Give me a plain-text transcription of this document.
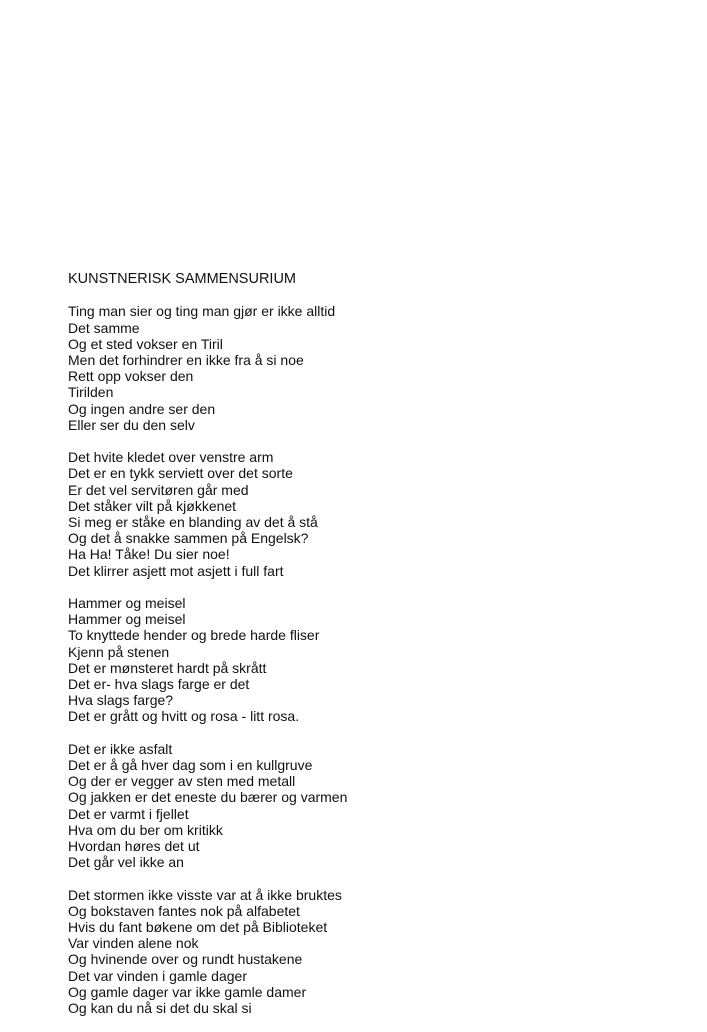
KUNSTNERISK SAMMENSURIUM
Ting man sier og ting man gjør er ikke alltid
Det samme
Og et sted vokser en Tiril
Men det forhindrer en ikke fra å si noe
Rett opp vokser den
Tirilden
Og ingen andre ser den
Eller ser du den selv
Det hvite kledet over venstre arm
Det er en tykk serviett over det sorte
Er det vel servitøren går med
Det ståker vilt på kjøkkenet
Si meg er ståke en blanding av det å stå
Og det å snakke sammen på Engelsk?
Ha Ha! Tåke! Du sier noe!
Det klirrer asjett mot asjett i full fart
Hammer og meisel
Hammer og meisel
To knyttede hender og brede harde fliser
Kjenn på stenen
Det er mønsteret hardt på skrått
Det er- hva slags farge er det
Hva slags farge?
Det er grått og hvitt og rosa - litt rosa.
Det er ikke asfalt
Det er å gå hver dag som i en kullgruve
Og der er vegger av sten med metall
Og jakken er det eneste du bærer og varmen
Det er varmt i fjellet
Hva om du ber om kritikk
Hvordan høres det ut
Det går vel ikke an
Det stormen ikke visste var at å ikke bruktes
Og bokstaven fantes nok på alfabetet
Hvis du fant bøkene om det på Biblioteket
Var vinden alene nok
Og hvinende over og rundt hustakene
Det var vinden i gamle dager
Og gamle dager var ikke gamle damer
Og kan du nå si det du skal si
